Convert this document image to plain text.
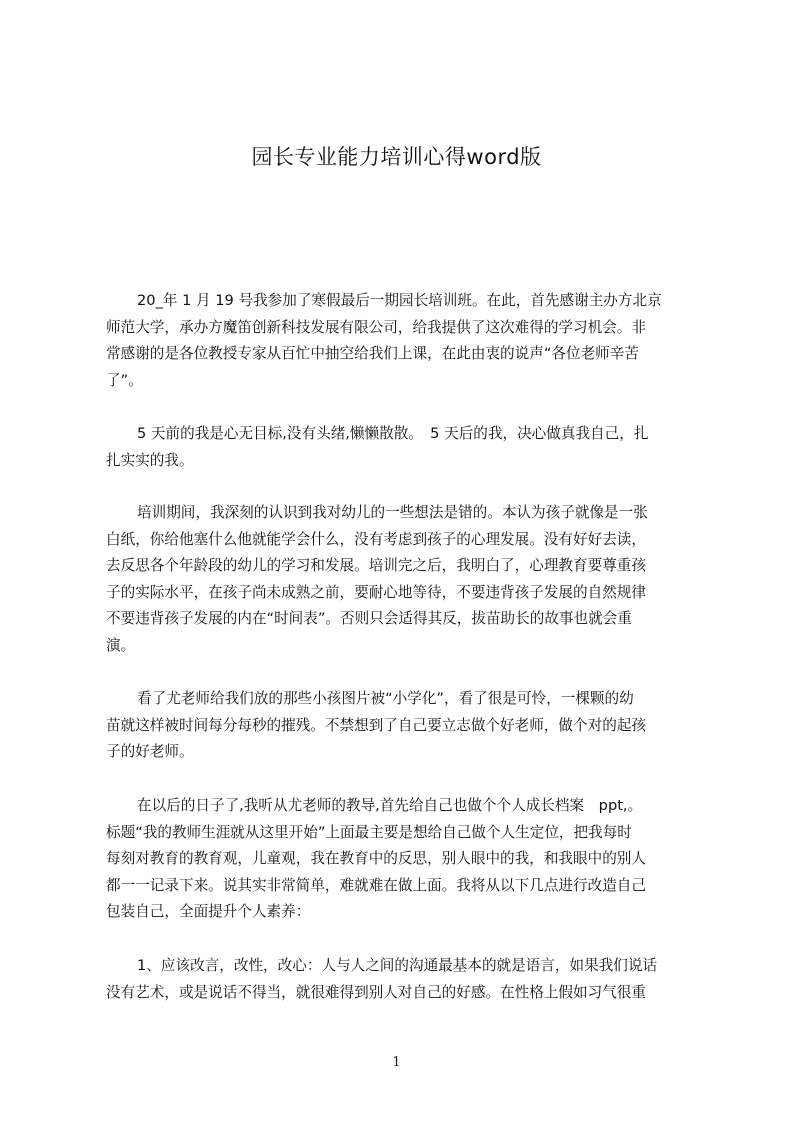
园长专业能力培训心得word版
20_年 1 月 19 号我参加了寒假最后一期园长培训班。在此，首先感谢主办方北京
师范大学，承办方魔笛创新科技发展有限公司，给我提供了这次难得的学习机会。非
常感谢的是各位教授专家从百忙中抽空给我们上课，在此由衷的说声“各位老师辛苦
了”。
5 天前的我是心无目标,没有头绪,懒懒散散。　5 天后的我，决心做真我自己，扎
扎实实的我。
培训期间，我深刻的认识到我对幼儿的一些想法是错的。本认为孩子就像是一张
白纸，你给他塞什么他就能学会什么，没有考虑到孩子的心理发展。没有好好去读，
去反思各个年龄段的幼儿的学习和发展。培训完之后，我明白了，心理教育要尊重孩
子的实际水平，在孩子尚未成熟之前，要耐心地等待，不要违背孩子发展的自然规律
不要违背孩子发展的内在“时间表”。否则只会适得其反，拔苗助长的故事也就会重
演。
看了尤老师给我们放的那些小孩图片被“小学化”，看了很是可怜，一棵颗的幼
苗就这样被时间每分每秒的摧残。不禁想到了自己要立志做个好老师，做个对的起孩
子的好老师。
在以后的日子了,我听从尤老师的教导,首先给自己也做个个人成长档案　ppt,。
标题“我的教师生涯就从这里开始”上面最主要是想给自己做个人生定位，把我每时
每刻对教育的教育观，儿童观，我在教育中的反思，别人眼中的我，和我眼中的别人
都一一记录下来。说其实非常简单，难就难在做上面。我将从以下几点进行改造自己
包装自己，全面提升个人素养：
1、应该改言，改性，改心：人与人之间的沟通最基本的就是语言，如果我们说话
没有艺术，或是说话不得当，就很难得到别人对自己的好感。在性格上假如习气很重
1
